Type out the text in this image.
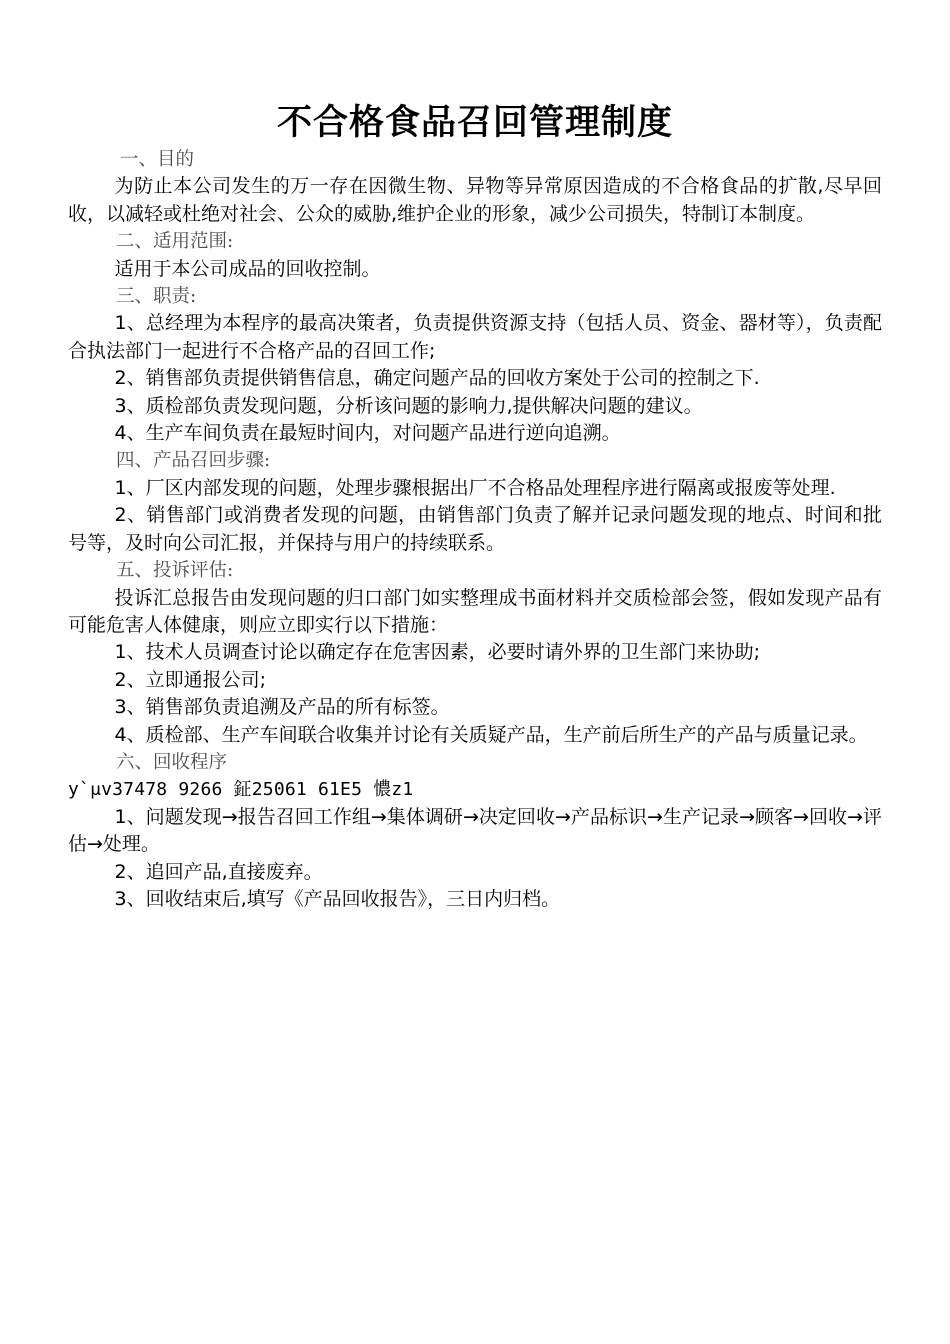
不合格食品召回管理制度

一、目的

为防止本公司发生的万一存在因微生物、异物等异常原因造成的不合格食品的扩散,尽早回收，以减轻或杜绝对社会、公众的威胁,维护企业的形象，减少公司损失，特制订本制度。

二、适用范围:

适用于本公司成品的回收控制。

三、职责:

1、总经理为本程序的最高决策者，负责提供资源支持（包括人员、资金、器材等），负责配合执法部门一起进行不合格产品的召回工作;

2、销售部负责提供销售信息，确定问题产品的回收方案处于公司的控制之下.

3、质检部负责发现问题，分析该问题的影响力,提供解决问题的建议。

4、生产车间负责在最短时间内，对问题产品进行逆向追溯。

四、产品召回步骤:

1、厂区内部发现的问题，处理步骤根据出厂不合格品处理程序进行隔离或报废等处理.

2、销售部门或消费者发现的问题，由销售部门负责了解并记录问题发现的地点、时间和批号等，及时向公司汇报，并保持与用户的持续联系。

五、投诉评估:

投诉汇总报告由发现问题的归口部门如实整理成书面材料并交质检部会签，假如发现产品有可能危害人体健康，则应立即实行以下措施：

1、技术人员调查讨论以确定存在危害因素，必要时请外界的卫生部门来协助;

2、立即通报公司;

3、销售部负责追溯及产品的所有标签。

4、质检部、生产车间联合收集并讨论有关质疑产品，生产前后所生产的产品与质量记录。

六、回收程序

y`μv37478 9266 鉦25061 61E5 憹z1

1、问题发现→报告召回工作组→集体调研→决定回收→产品标识→生产记录→顾客→回收→评估→处理。

2、追回产品,直接废弃。

3、回收结束后,填写《产品回收报告》，三日内归档。
